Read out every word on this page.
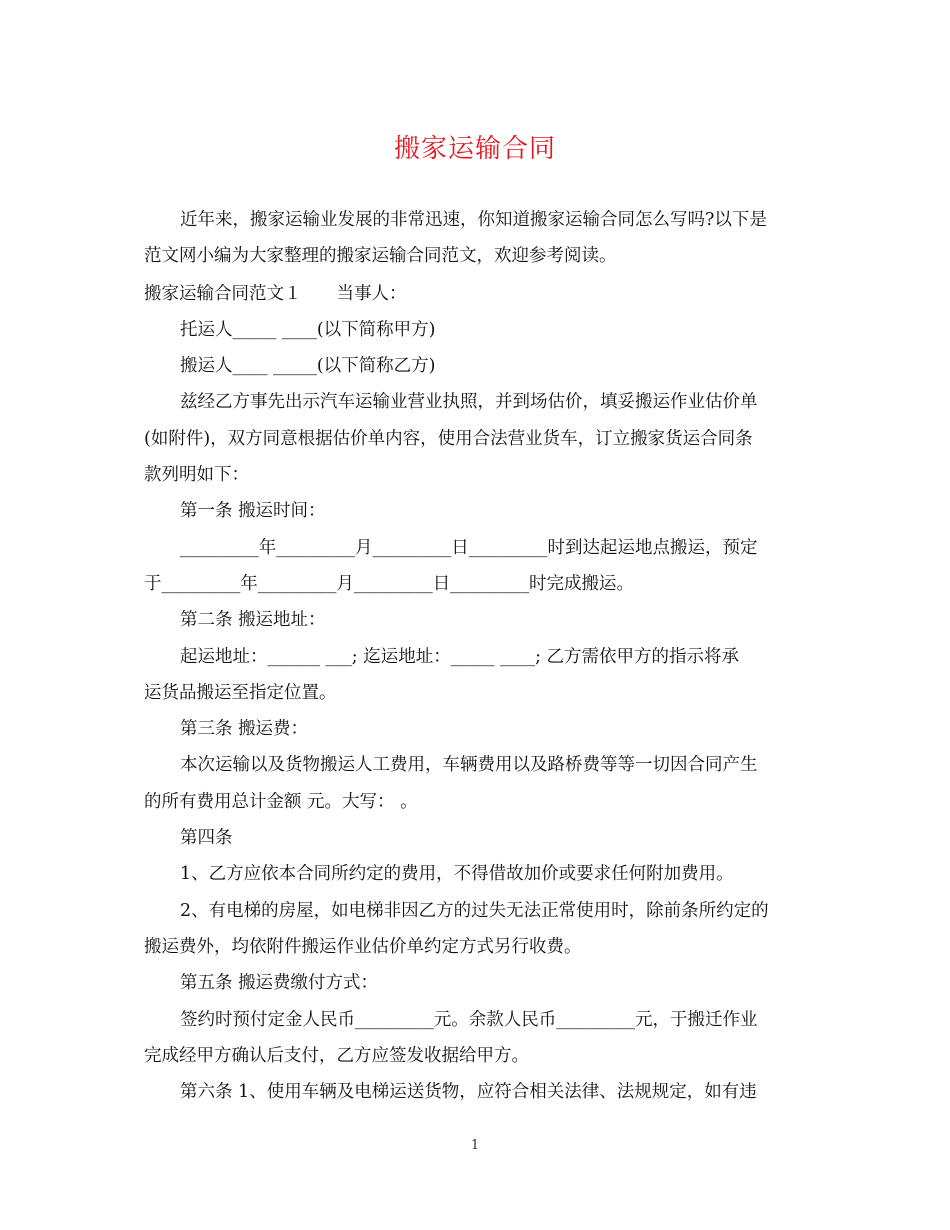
搬家运输合同
近年来，搬家运输业发展的非常迅速，你知道搬家运输合同怎么写吗?以下是
范文网小编为大家整理的搬家运输合同范文，欢迎参考阅读。
搬家运输合同范文１　　当事人：
托运人_____ ____(以下简称甲方)
搬运人____ _____(以下简称乙方)
兹经乙方事先出示汽车运输业营业执照，并到场估价，填妥搬运作业估价单
(如附件)，双方同意根据估价单内容，使用合法营业货车，订立搬家货运合同条
款列明如下：
第一条 搬运时间：
_________年_________月_________日_________时到达起运地点搬运，预定
于_________年_________月_________日_________时完成搬运。
第二条 搬运地址：
起运地址：______ ___; 迄运地址：_____ ____; 乙方需依甲方的指示将承
运货品搬运至指定位置。
第三条 搬运费：
本次运输以及货物搬运人工费用，车辆费用以及路桥费等等一切因合同产生
的所有费用总计金额 元。大写： 。
第四条
1、乙方应依本合同所约定的费用，不得借故加价或要求任何附加费用。
2、有电梯的房屋，如电梯非因乙方的过失无法正常使用时，除前条所约定的
搬运费外，均依附件搬运作业估价单约定方式另行收费。
第五条 搬运费缴付方式：
签约时预付定金人民币_________元。余款人民币_________元，于搬迁作业
完成经甲方确认后支付，乙方应签发收据给甲方。
第六条 1、使用车辆及电梯运送货物，应符合相关法律、法规规定，如有违
1
